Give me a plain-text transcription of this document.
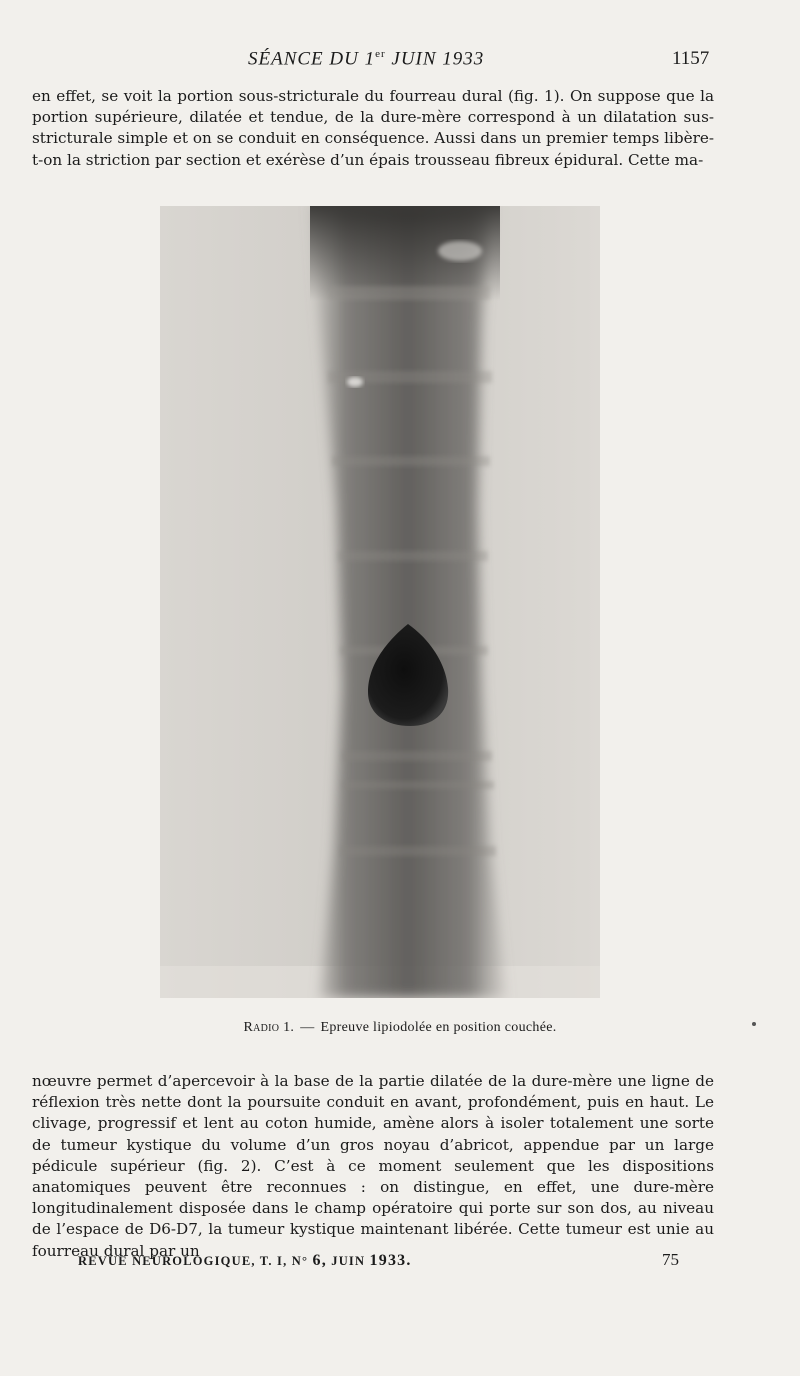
SÉANCE DU 1er JUIN 1933	1157

en effet, se voit la portion sous-stricturale du fourreau dural (fig. 1). On suppose que la portion supérieure, dilatée et tendue, de la dure-mère correspond à un dilatation sus-stricturale simple et on se conduit en conséquence. Aussi dans un premier temps libère-t-on la striction par section et exérèse d’un épais trousseau fibreux épidural. Cette ma-

Radio 1. — Epreuve lipiodolée en position couchée.

nœuvre permet d’apercevoir à la base de la partie dilatée de la dure-mère une ligne de réflexion très nette dont la poursuite conduit en avant, profondément, puis en haut. Le clivage, progressif et lent au coton humide, amène alors à isoler totalement une sorte de tumeur kystique du volume d’un gros noyau d’abricot, appendue par un large pédicule supérieur (fig. 2). C’est à ce moment seulement que les dispositions anatomiques peuvent être reconnues : on distingue, en effet, une dure-mère longitudinalement disposée dans le champ opératoire qui porte sur son dos, au niveau de l’espace de D6-D7, la tumeur kystique maintenant libérée. Cette tumeur est unie au fourreau dural par un

REVUE NEUROLOGIQUE, T. I, N° 6, JUIN 1933.	75
